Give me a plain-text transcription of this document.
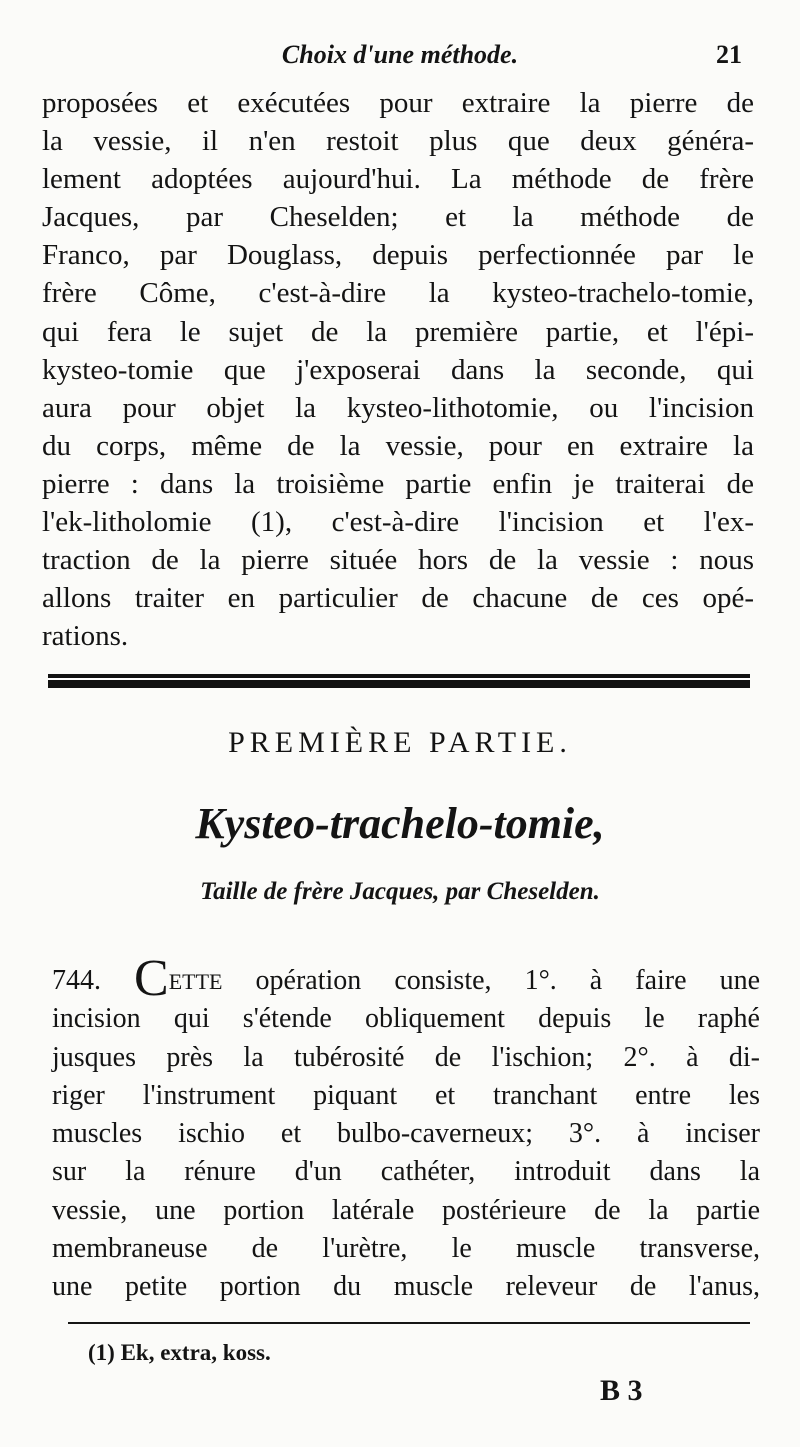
Choix d'une méthode.	21
proposées et exécutées pour extraire la pierre de
la vessie, il n'en restoit plus que deux généra-
lement adoptées aujourd'hui. La méthode de frère
Jacques, par Cheselden; et la méthode de
Franco, par Douglass, depuis perfectionnée par le
frère Côme, c'est-à-dire la kysteo-trachelo-tomie,
qui fera le sujet de la première partie, et l'épi-
kysteo-tomie que j'exposerai dans la seconde, qui
aura pour objet la kysteo-lithotomie, ou l'incision
du corps, même de la vessie, pour en extraire la
pierre : dans la troisième partie enfin je traiterai de
l'ek-litholomie (1), c'est-à-dire l'incision et l'ex-
traction de la pierre située hors de la vessie : nous
allons traiter en particulier de chacune de ces opé-
rations.
PREMIÈRE PARTIE.
Kysteo-trachelo-tomie,
Taille de frère Jacques, par Cheselden.
744. CETTE opération consiste, 1°. à faire une
incision qui s'étende obliquement depuis le raphé
jusques près la tubérosité de l'ischion; 2°. à di-
riger l'instrument piquant et tranchant entre les
muscles ischio et bulbo-caverneux; 3°. à inciser
sur la rénure d'un cathéter, introduit dans la
vessie, une portion latérale postérieure de la partie
membraneuse de l'urètre, le muscle transverse,
une petite portion du muscle releveur de l'anus,
(1) Ek, extra, koss.
B 3
